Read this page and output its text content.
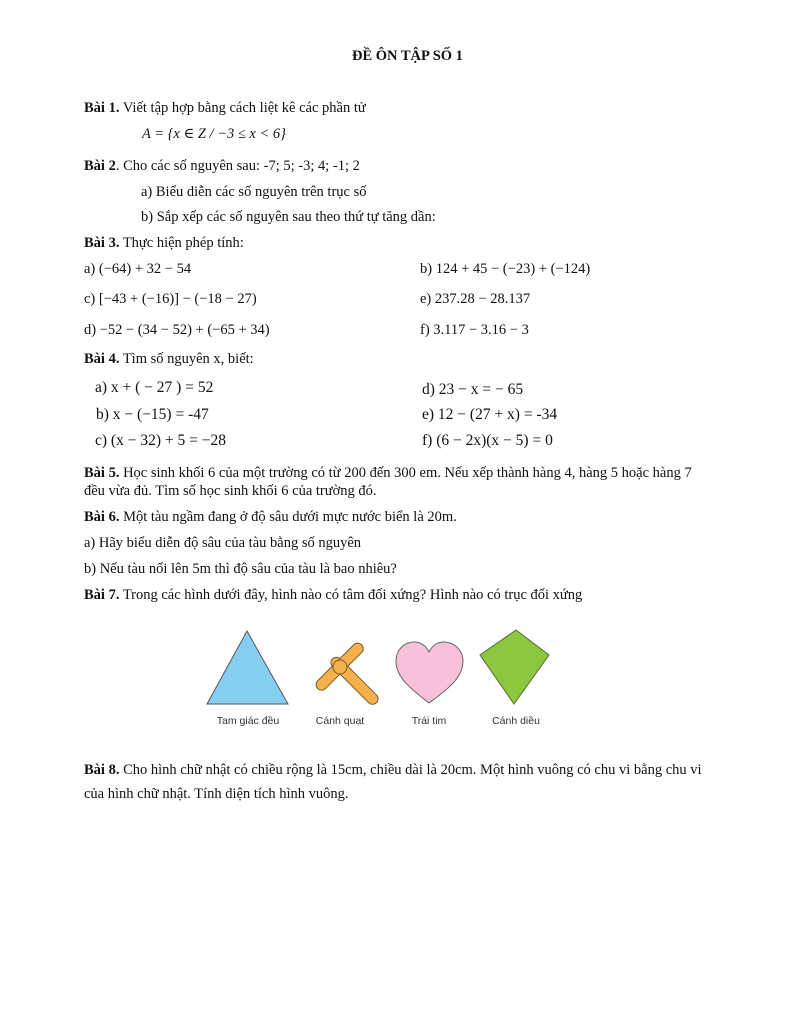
ĐỀ ÔN TẬP SỐ 1
Bài 1. Viết tập hợp bằng cách liệt kê các phần tử
A = {x ∈ Z / −3 ≤ x < 6}
Bài 2. Cho các số nguyên sau: -7; 5; -3; 4; -1; 2
a) Biểu diễn các số nguyên trên trục số
b) Sắp xếp các số nguyên sau theo thứ tự tăng dần:
Bài 3. Thực hiện phép tính:
a) (−64) + 32 − 54	b) 124 + 45 − (−23) + (−124)
c) [−43 + (−16)] − (−18 − 27)	e) 237.28 − 28.137
d) −52 − (34 − 52) + (−65 + 34)	f) 3.117 − 3.16 − 3
Bài 4. Tìm số nguyên x, biết:
a) x + ( − 27 ) = 52	d) 23 − x = − 65
b) x − (−15) = -47	e) 12 − (27 + x) = -34
c) (x − 32) + 5 = −28	f) (6 − 2x)(x − 5) = 0
Bài 5. Học sinh khối 6 của một trường có từ 200 đến 300 em. Nếu xếp thành hàng 4, hàng 5 hoặc hàng 7
đều vừa đủ. Tìm số học sinh khối 6 của trường đó.
Bài 6. Một tàu ngầm đang ở độ sâu dưới mực nước biển là 20m.
a) Hãy biểu diễn độ sâu của tàu bằng số nguyên
b) Nếu tàu nổi lên 5m thì độ sâu của tàu là bao nhiêu?
Bài 7. Trong các hình dưới đây, hình nào có tâm đối xứng? Hình nào có trục đối xứng
Tam giác đều	Cánh quạt	Trái tim	Cánh diều
Bài 8. Cho hình chữ nhật có chiều rộng là 15cm, chiều dài là 20cm. Một hình vuông có chu vi bằng chu vi
của hình chữ nhật. Tính diện tích hình vuông.
